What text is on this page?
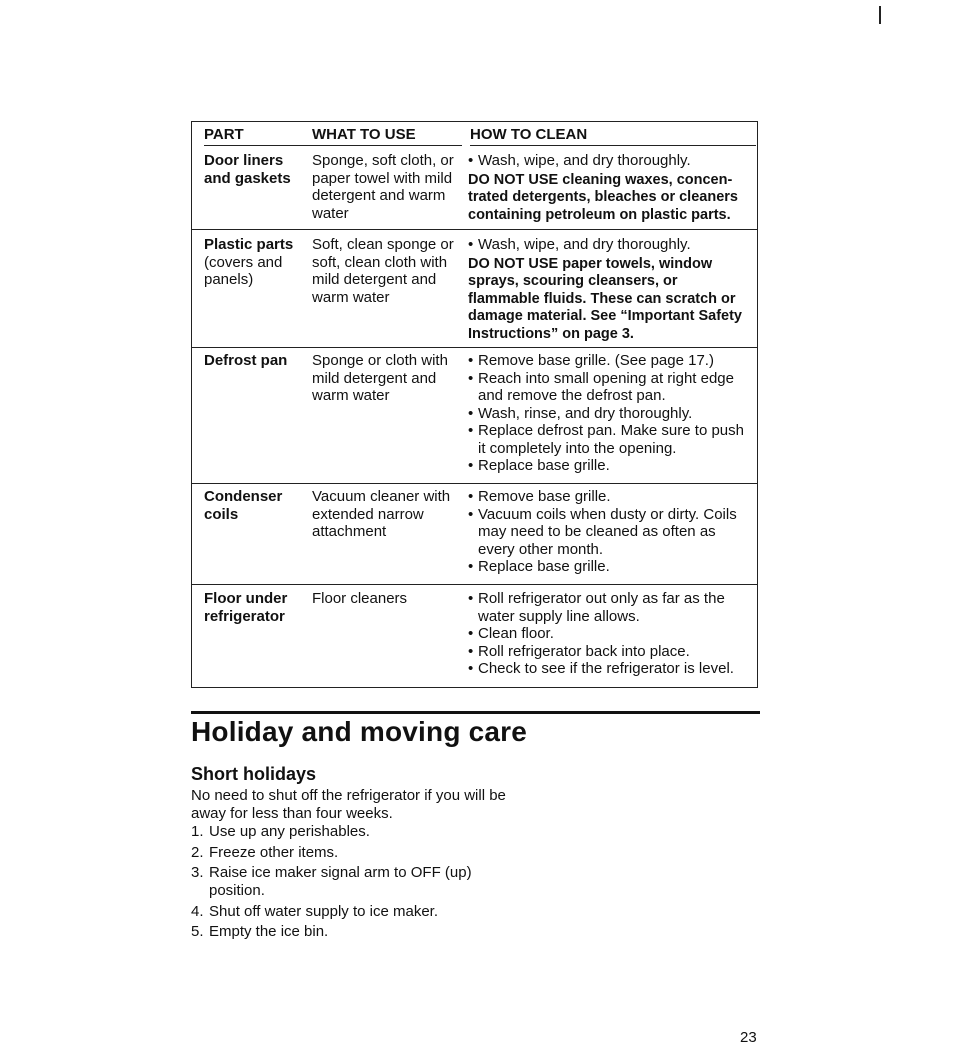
PART	WHAT TO USE	HOW TO CLEAN
Door liners and gaskets
Sponge, soft cloth, or paper towel with mild detergent and warm water
• Wash, wipe, and dry thoroughly.
DO NOT USE cleaning waxes, concen- trated detergents, bleaches or cleaners containing petroleum on plastic parts.
Plastic parts
(covers and panels)
Soft, clean sponge or soft, clean cloth with mild detergent and warm water
• Wash, wipe, and dry thoroughly.
DO NOT USE paper towels, window sprays, scouring cleansers, or flammable fluids. These can scratch or damage material. See “Important Safety Instructions” on page 3.
Defrost pan	Sponge or cloth with mild detergent and warm water
• Remove base grille. (See page 17.)
• Reach into small opening at right edge and remove the defrost pan.
• Wash, rinse, and dry thoroughly.
• Replace defrost pan. Make sure to push it completely into the opening.
• Replace base grille.
Condenser coils
Vacuum cleaner with extended narrow attachment
• Remove base grille.
• Vacuum coils when dusty or dirty. Coils may need to be cleaned as often as every other month.
• Replace base grille.
Floor under refrigerator
Floor cleaners
•	Roll refrigerator out only as far as the water supply line allows.
• Clean floor.
• Roll refrigerator back into place.
• Check to see if the refrigerator is level.
Holiday and moving care
Short holidays
No need to shut off the refrigerator if you will be away for less than four weeks.
1. Use up any perishables.
2. Freeze other items.
3. Raise ice maker signal arm to OFF (up) position.
4. Shut off water supply to ice maker.
5. Empty the ice bin.
23
